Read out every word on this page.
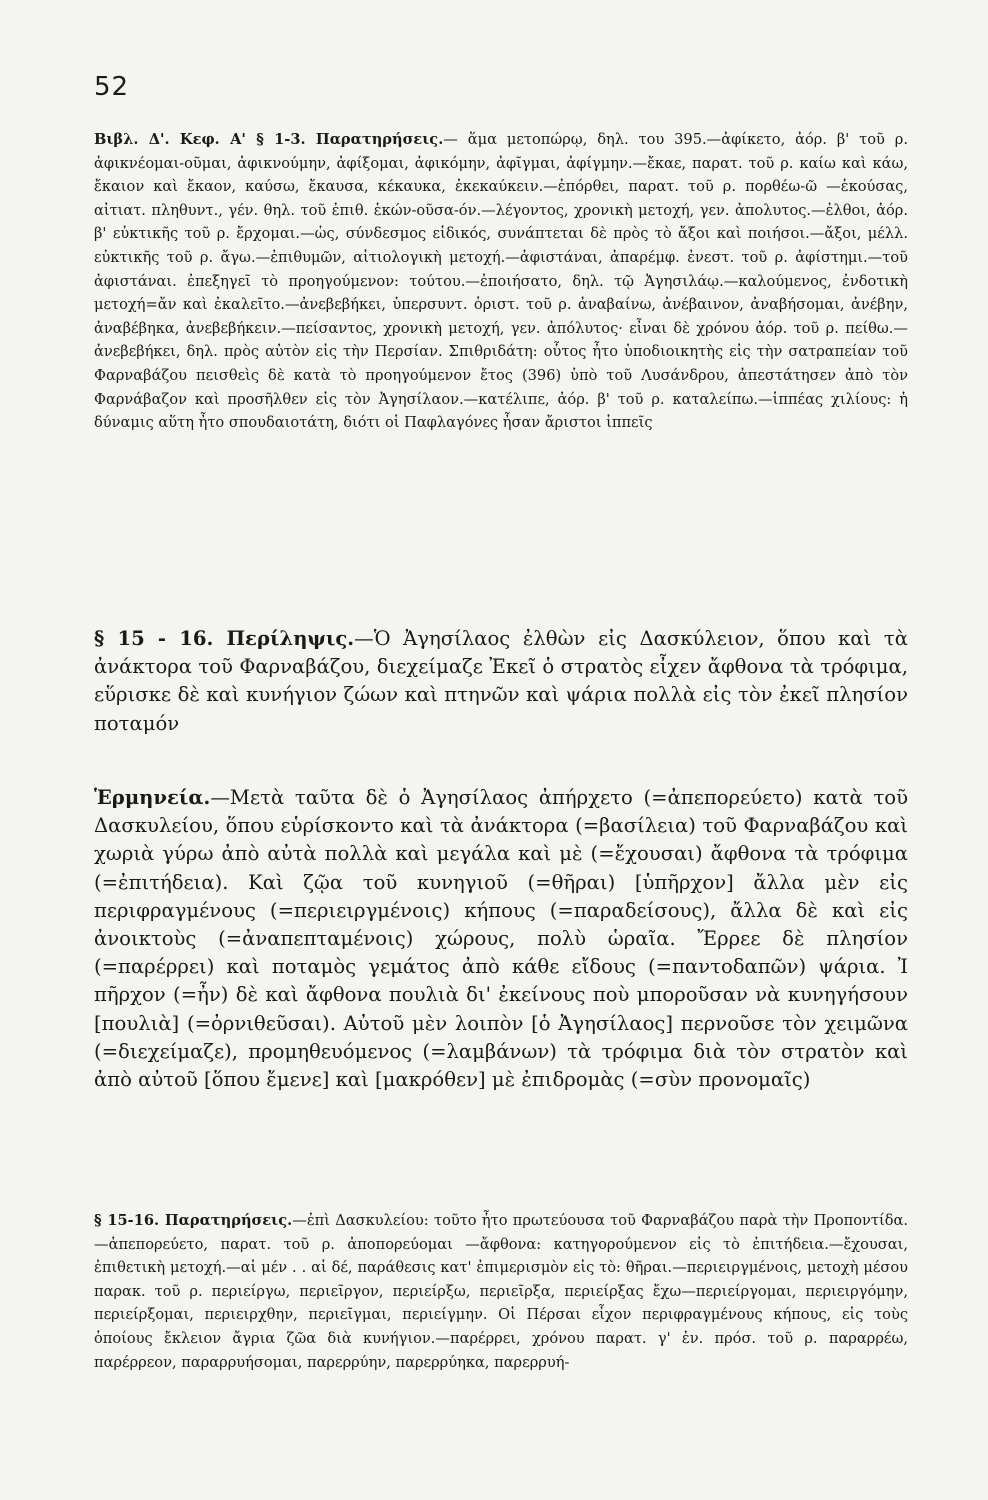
52

Βιβλ. Δ'. Κεφ. Α' § 1-3. Παρατηρήσεις.— ἅμα μετοπώρῳ, δηλ. του 395.—ἀφίκετο, ἀόρ. β' τοῦ ρ. ἀφικνέομαι-οῦμαι, ἀφικνούμην, ἀφίξομαι, ἀφικόμην, ἀφῖγμαι, ἀφίγμην.—ἔκαε, παρατ. τοῦ ρ. καίω καὶ κάω, ἔκαιον καὶ ἔκαον, καύσω, ἔκαυσα, κέκαυκα, ἐκεκαύκειν.—ἐπόρθει, παρατ. τοῦ ρ. πορθέω-ῶ —ἑκούσας, αἰτιατ. πληθυντ., γέν. θηλ. τοῦ ἐπιθ. ἑκών-οῦσα-όν.—λέγοντος, χρονικὴ μετοχή, γεν. ἀπολυτος.—ἐλθοι, ἀόρ. β' εὐκτικῆς τοῦ ρ. ἔρχομαι.—ὡς, σύνδεσμος εἰδικός, συνάπτεται δὲ πρὸς τὸ ἄξοι καὶ ποιήσοι.—ἄξοι, μέλλ. εὐκτικῆς τοῦ ρ. ἄγω.—ἐπιθυμῶν, αἰτιολογικὴ μετοχή.—ἀφιστάναι, ἀπαρέμφ. ἐνεστ. τοῦ ρ. ἀφίστημι.—τοῦ ἀφιστάναι. ἐπεξηγεῖ τὸ προηγούμενον: τούτου.—ἐποιήσατο, δηλ. τῷ Ἀγησιλάῳ.—καλούμενος, ἐνδοτικὴ μετοχή=ἄν καὶ ἐκαλεῖτο.—ἀνεβεβήκει, ὑπερσυντ. ὁριστ. τοῦ ρ. ἀναβαίνω, ἀνέβαινον, ἀναβήσομαι, ἀνέβην, ἀναβέβηκα, ἀνεβεβήκειν.—πείσαντος, χρονικὴ μετοχή, γεν. ἀπόλυτος· εἶναι δὲ χρόνου ἀόρ. τοῦ ρ. πείθω.—ἀνεβεβήκει, δηλ. πρὸς αὐτὸν εἰς τὴν Περσίαν. Σπιθριδάτη: οὗτος ἦτο ὑποδιοικητὴς εἰς τὴν σατραπείαν τοῦ Φαρναβάζου πεισθεὶς δὲ κατὰ τὸ προηγούμενον ἔτος (396) ὑπὸ τοῦ Λυσάνδρου, ἀπεστάτησεν ἀπὸ τὸν Φαρνάβαζον καὶ προσῆλθεν εἰς τὸν Ἀγησίλαον.—κατέλιπε, ἀόρ. β' τοῦ ρ. καταλείπω.—ἱππέας χιλίους: ἡ δύναμις αὕτη ἦτο σπουδαιοτάτη, διότι οἱ Παφλαγόνες ἦσαν ἄριστοι ἱππεῖς

§ 15 - 16. Περίληψις.—Ὁ Ἀγησίλαος ἐλθὼν εἰς Δασκύλειον, ὅπου καὶ τὰ ἀνάκτορα τοῦ Φαρναβάζου, διεχείμαζε Ἐκεῖ ὁ στρατὸς εἶχεν ἄφθονα τὰ τρόφιμα, εὕρισκε δὲ καὶ κυνήγιον ζώων καὶ πτηνῶν καὶ ψάρια πολλὰ εἰς τὸν ἐκεῖ πλησίον ποταμόν

Ἑρμηνεία.—Μετὰ ταῦτα δὲ ὁ Ἀγησίλαος ἀπήρχετο (=ἀπεπορεύετο) κατὰ τοῦ Δασκυλείου, ὅπου εὑρίσκοντο καὶ τὰ ἀνάκτορα (=βασίλεια) τοῦ Φαρναβάζου καὶ χωριὰ γύρω ἀπὸ αὐτὰ πολλὰ καὶ μεγάλα καὶ μὲ (=ἔχουσαι) ἄφθονα τὰ τρόφιμα (=ἐπιτήδεια). Καὶ ζῷα τοῦ κυνηγιοῦ (=θῆραι) [ὑπῆρχον] ἄλλα μὲν εἰς περιφραγμένους (=περιειργμένοις) κήπους (=παραδείσους), ἄλλα δὲ καὶ εἰς ἀνοικτοὺς (=ἀναπεπταμένοις) χώρους, πολὺ ὡραῖα. Ἔρρεε δὲ πλησίον (=παρέρρει) καὶ ποταμὸς γεμάτος ἀπὸ κάθε εἴδους (=παντοδαπῶν) ψάρια. Ἰ πῆρχον (=ἦν) δὲ καὶ ἄφθονα πουλιὰ δι' ἐκείνους ποὺ μποροῦσαν νὰ κυνηγήσουν [πουλιὰ] (=ὀρνιθεῦσαι). Αὐτοῦ μὲν λοιπὸν [ὁ Ἀγησίλαος] περνοῦσε τὸν χειμῶνα (=διεχείμαζε), προμηθευόμενος (=λαμβάνων) τὰ τρόφιμα διὰ τὸν στρατὸν καὶ ἀπὸ αὐτοῦ [ὅπου ἔμενε] καὶ [μακρόθεν] μὲ ἐπιδρομὰς (=σὺν προνομαῖς)

§ 15-16. Παρατηρήσεις.—ἐπὶ Δασκυλείου: τοῦτο ἦτο πρωτεύουσα τοῦ Φαρναβάζου παρὰ τὴν Προποντίδα.—ἀπεπορεύετο, παρατ. τοῦ ρ. ἀποπορεύομαι —ἄφθονα: κατηγορούμενον εἰς τὸ ἐπιτήδεια.—ἔχουσαι, ἐπιθετικὴ μετοχή.—αἱ μέν . . αἱ δέ, παράθεσις κατ' ἐπιμερισμὸν εἰς τὸ: θῆραι.—περιειργμένοις, μετοχὴ μέσου παρακ. τοῦ ρ. περιείργω, περιεῖργον, περιείρξω, περιεῖρξα, περιείρξας ἔχω—περιείργομαι, περιειργόμην, περιείρξομαι, περιειρχθην, περιεῖγμαι, περιείγμην. Οἱ Πέρσαι εἶχον περιφραγμένους κήπους, εἰς τοὺς ὁποίους ἔκλειον ἄγρια ζῶα διὰ κυνήγιον.—παρέρρει, χρόνου παρατ. γ' ἑν. πρόσ. τοῦ ρ. παραρρέω, παρέρρεον, παραρρυήσομαι, παρερρύην, παρερρύηκα, παρερρυή-
